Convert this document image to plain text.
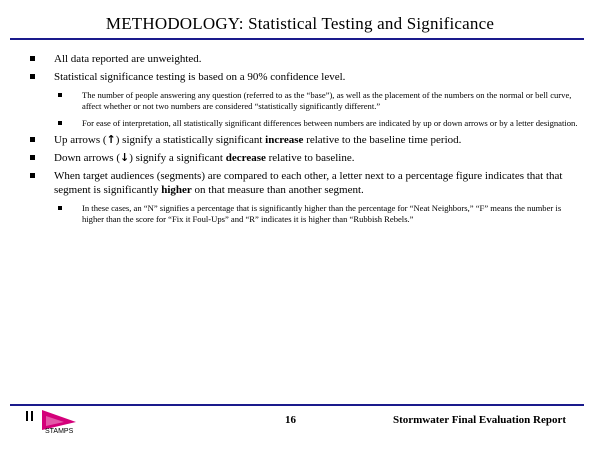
METHODOLOGY: Statistical Testing and Significance
All data reported are unweighted.
Statistical significance testing is based on a 90% confidence level.
The number of people answering any question (referred to as the “base”), as well as the placement of the numbers on the normal or bell curve, affect whether or not two numbers are considered “statistically significantly different.”
For ease of interpretation, all statistically significant differences between numbers are indicated by up or down arrows or by a letter designation.
Up arrows (↑) signify a statistically significant increase relative to the baseline time period.
Down arrows (↓) signify a significant decrease relative to baseline.
When target audiences (segments) are compared to each other, a letter next to a percentage figure indicates that that segment is significantly higher on that measure than another segment.
In these cases, an “N” signifies a percentage that is significantly higher than the percentage for “Neat Neighbors,” “F” means the number is higher than the score for “Fix it Foul-Ups” and “R” indicates it is higher than “Rubbish Rebels.”
STAMPS
16	Stormwater Final Evaluation Report
